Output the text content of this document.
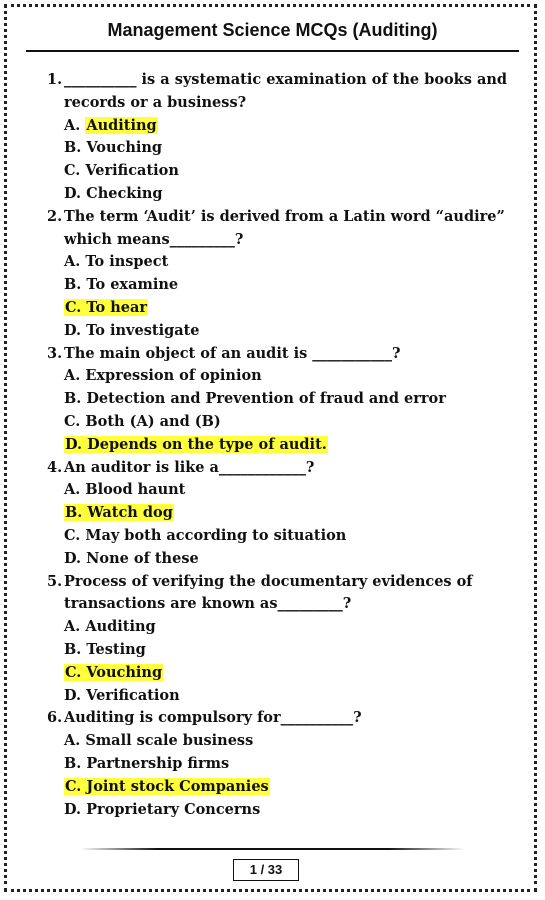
Management Science MCQs (Auditing)
1. __________ is a systematic examination of the books and records or a business?
A. Auditing
B. Vouching
C. Verification
D. Checking
2. The term ‘Audit’ is derived from a Latin word “audire” which means_________?
A. To inspect
B. To examine
C. To hear
D. To investigate
3. The main object of an audit is ___________?
A. Expression of opinion
B. Detection and Prevention of fraud and error
C. Both (A) and (B)
D. Depends on the type of audit.
4. An auditor is like a____________?
A. Blood haunt
B. Watch dog
C. May both according to situation
D. None of these
5. Process of verifying the documentary evidences of transactions are known as_________?
A. Auditing
B. Testing
C. Vouching
D. Verification
6. Auditing is compulsory for__________?
A. Small scale business
B. Partnership firms
C. Joint stock Companies
D. Proprietary Concerns
1 / 33
